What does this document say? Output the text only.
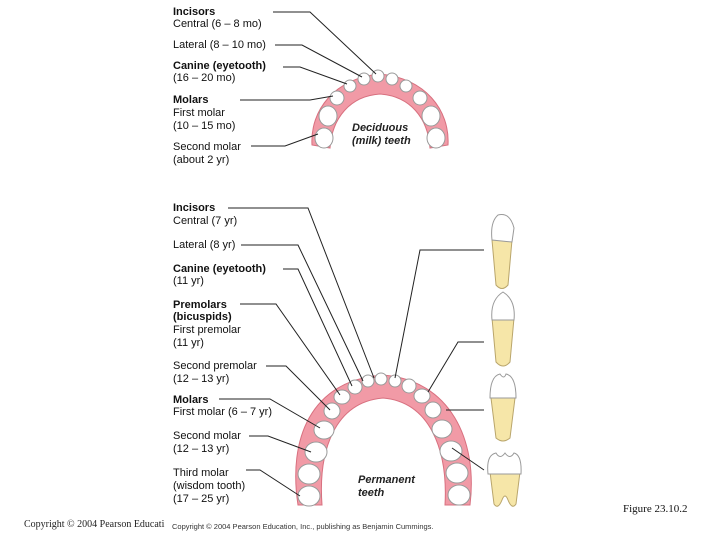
Incisors
Central (6 – 8 mo)
Lateral (8 – 10 mo)
Canine (eyetooth)
(16 – 20 mo)
Molars
First molar
(10 – 15 mo)
Second molar
(about 2 yr)
Deciduous
(milk) teeth
Incisors
Central (7 yr)
Lateral (8 yr)
Canine (eyetooth)
(11 yr)
Premolars
(bicuspids)
First premolar
(11 yr)
Second premolar
(12 – 13 yr)
Molars
First molar (6 – 7 yr)
Second molar
(12 – 13 yr)
Third molar
(wisdom tooth)
(17 – 25 yr)
Permanent
teeth
Copyright © 2004 Pearson Educati Copyright © 2004 Pearson Education, Inc., publishing as Benjamin Cummings.
Figure 23.10.2
